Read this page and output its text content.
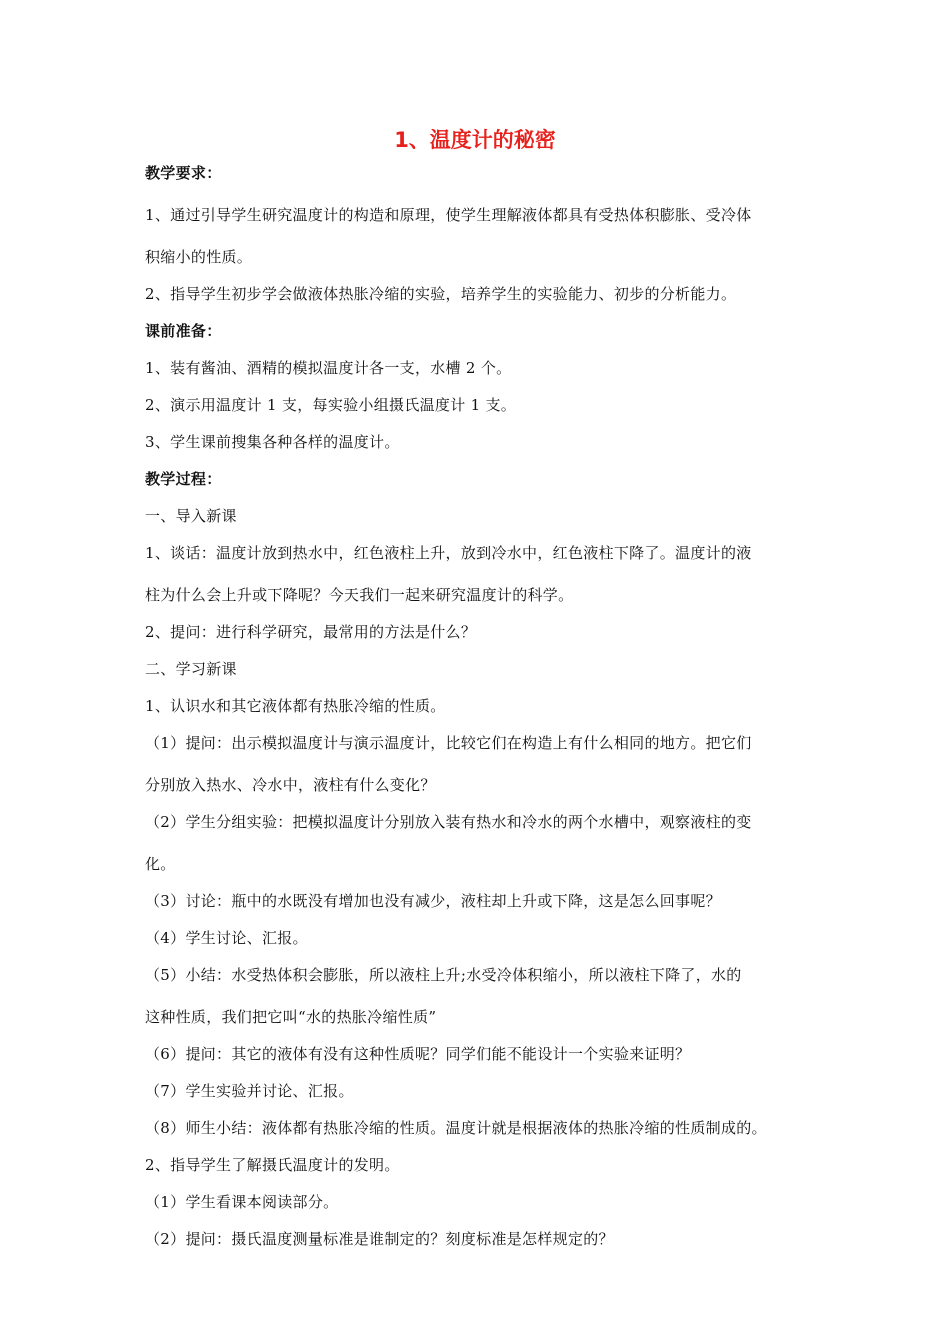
1、温度计的秘密

教学要求：

1、通过引导学生研究温度计的构造和原理，使学生理解液体都具有受热体积膨胀、受冷体

积缩小的性质。

2、指导学生初步学会做液体热胀冷缩的实验，培养学生的实验能力、初步的分析能力。

课前准备：

1、装有酱油、酒精的模拟温度计各一支，水槽 2 个。

2、演示用温度计 1 支，每实验小组摄氏温度计 1 支。

3、学生课前搜集各种各样的温度计。

教学过程：

一、导入新课

1、谈话：温度计放到热水中，红色液柱上升，放到冷水中，红色液柱下降了。温度计的液

柱为什么会上升或下降呢？今天我们一起来研究温度计的科学。

2、提问：进行科学研究，最常用的方法是什么？

二、学习新课

1、认识水和其它液体都有热胀冷缩的性质。

（1）提问：出示模拟温度计与演示温度计，比较它们在构造上有什么相同的地方。把它们

分别放入热水、冷水中，液柱有什么变化？

（2）学生分组实验：把模拟温度计分别放入装有热水和冷水的两个水槽中，观察液柱的变

化。

（3）讨论：瓶中的水既没有增加也没有减少，液柱却上升或下降，这是怎么回事呢？

（4）学生讨论、汇报。

（5）小结：水受热体积会膨胀，所以液柱上升;水受冷体积缩小，所以液柱下降了，水的

这种性质，我们把它叫“水的热胀冷缩性质”

（6）提问：其它的液体有没有这种性质呢？同学们能不能设计一个实验来证明？

（7）学生实验并讨论、汇报。

（8）师生小结：液体都有热胀冷缩的性质。温度计就是根据液体的热胀冷缩的性质制成的。

2、指导学生了解摄氏温度计的发明。

（1）学生看课本阅读部分。

（2）提问：摄氏温度测量标准是谁制定的？刻度标准是怎样规定的？
